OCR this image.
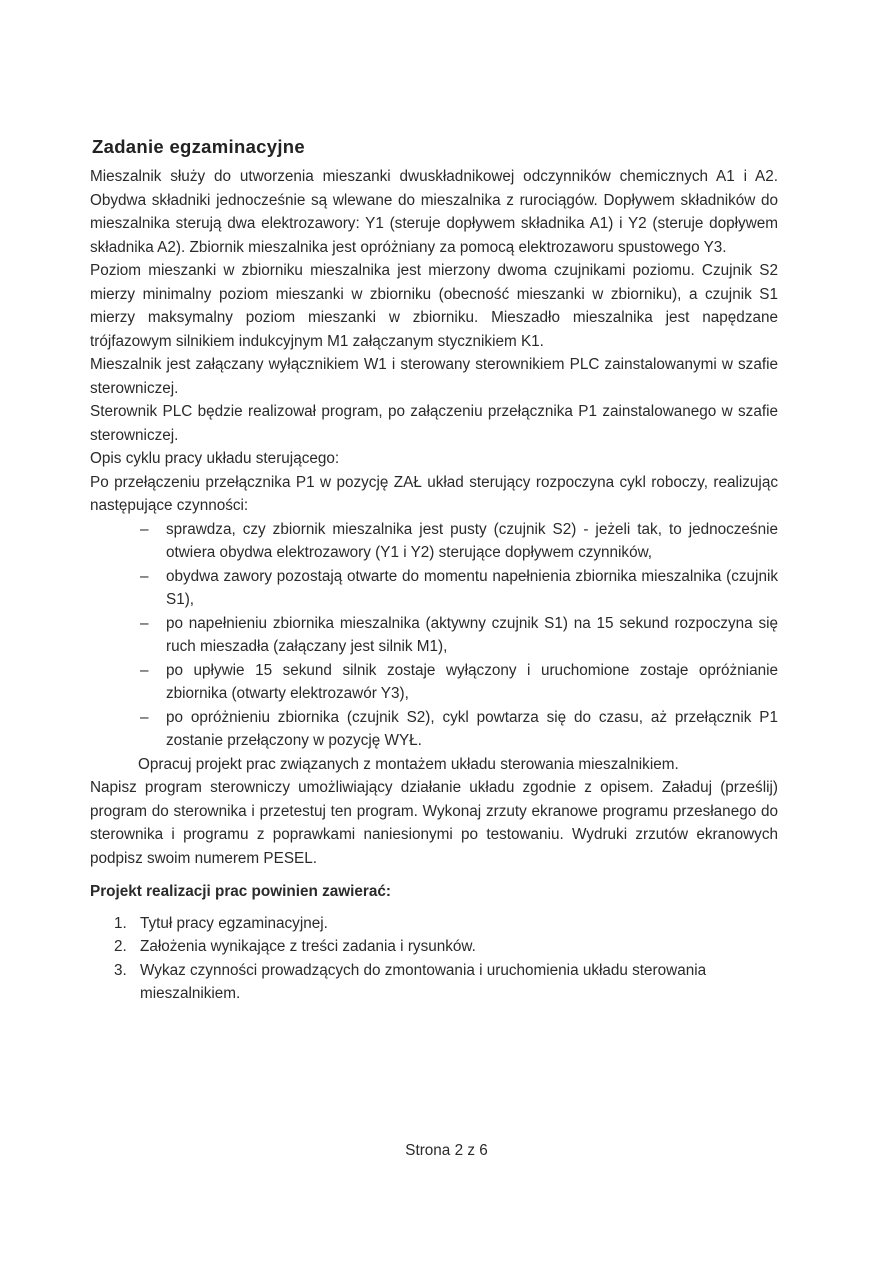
Zadanie egzaminacyjne

Mieszalnik służy do utworzenia mieszanki dwuskładnikowej odczynników chemicznych A1 i A2. Obydwa składniki jednocześnie są wlewane do mieszalnika z rurociągów. Dopływem składników do mieszalnika sterują dwa elektrozawory: Y1 (steruje dopływem składnika A1) i Y2 (steruje dopływem składnika A2). Zbiornik mieszalnika jest opróżniany za pomocą elektrozaworu spustowego Y3.

Poziom mieszanki w zbiorniku mieszalnika jest mierzony dwoma czujnikami poziomu. Czujnik S2 mierzy minimalny poziom mieszanki w zbiorniku (obecność mieszanki w zbiorniku), a czujnik S1 mierzy maksymalny poziom mieszanki w zbiorniku. Mieszadło mieszalnika jest napędzane trójfazowym silnikiem indukcyjnym M1 załączanym stycznikiem K1.

Mieszalnik jest załączany wyłącznikiem W1 i sterowany sterownikiem PLC zainstalowanymi w szafie sterowniczej.

Sterownik PLC będzie realizował program, po załączeniu przełącznika P1 zainstalowanego w szafie sterowniczej.

Opis cyklu pracy układu sterującego:

Po przełączeniu przełącznika P1 w pozycję ZAŁ układ sterujący rozpoczyna cykl roboczy, realizując następujące czynności:

– sprawdza, czy zbiornik mieszalnika jest pusty (czujnik S2) - jeżeli tak, to jednocześnie otwiera obydwa elektrozawory (Y1 i Y2) sterujące dopływem czynników,
– obydwa zawory pozostają otwarte do momentu napełnienia zbiornika mieszalnika (czujnik S1),
– po napełnieniu zbiornika mieszalnika (aktywny czujnik S1) na 15 sekund rozpoczyna się ruch mieszadła (załączany jest silnik M1),
– po upływie 15 sekund silnik zostaje wyłączony i uruchomione zostaje opróżnianie zbiornika (otwarty elektrozawór Y3),
– po opróżnieniu zbiornika (czujnik S2), cykl powtarza się do czasu, aż przełącznik P1 zostanie przełączony w pozycję WYŁ.

Opracuj projekt prac związanych z montażem układu sterowania mieszalnikiem.

Napisz program sterowniczy umożliwiający działanie układu zgodnie z opisem. Załaduj (prześlij) program do sterownika i przetestuj ten program. Wykonaj zrzuty ekranowe programu przesłanego do sterownika i programu z poprawkami naniesionymi po testowaniu. Wydruki zrzutów ekranowych podpisz swoim numerem PESEL.

Projekt realizacji prac powinien zawierać:
1. Tytuł pracy egzaminacyjnej.
2. Założenia wynikające z treści zadania i rysunków.
3. Wykaz czynności prowadzących do zmontowania i uruchomienia układu sterowania mieszalnikiem.
Strona 2 z 6
